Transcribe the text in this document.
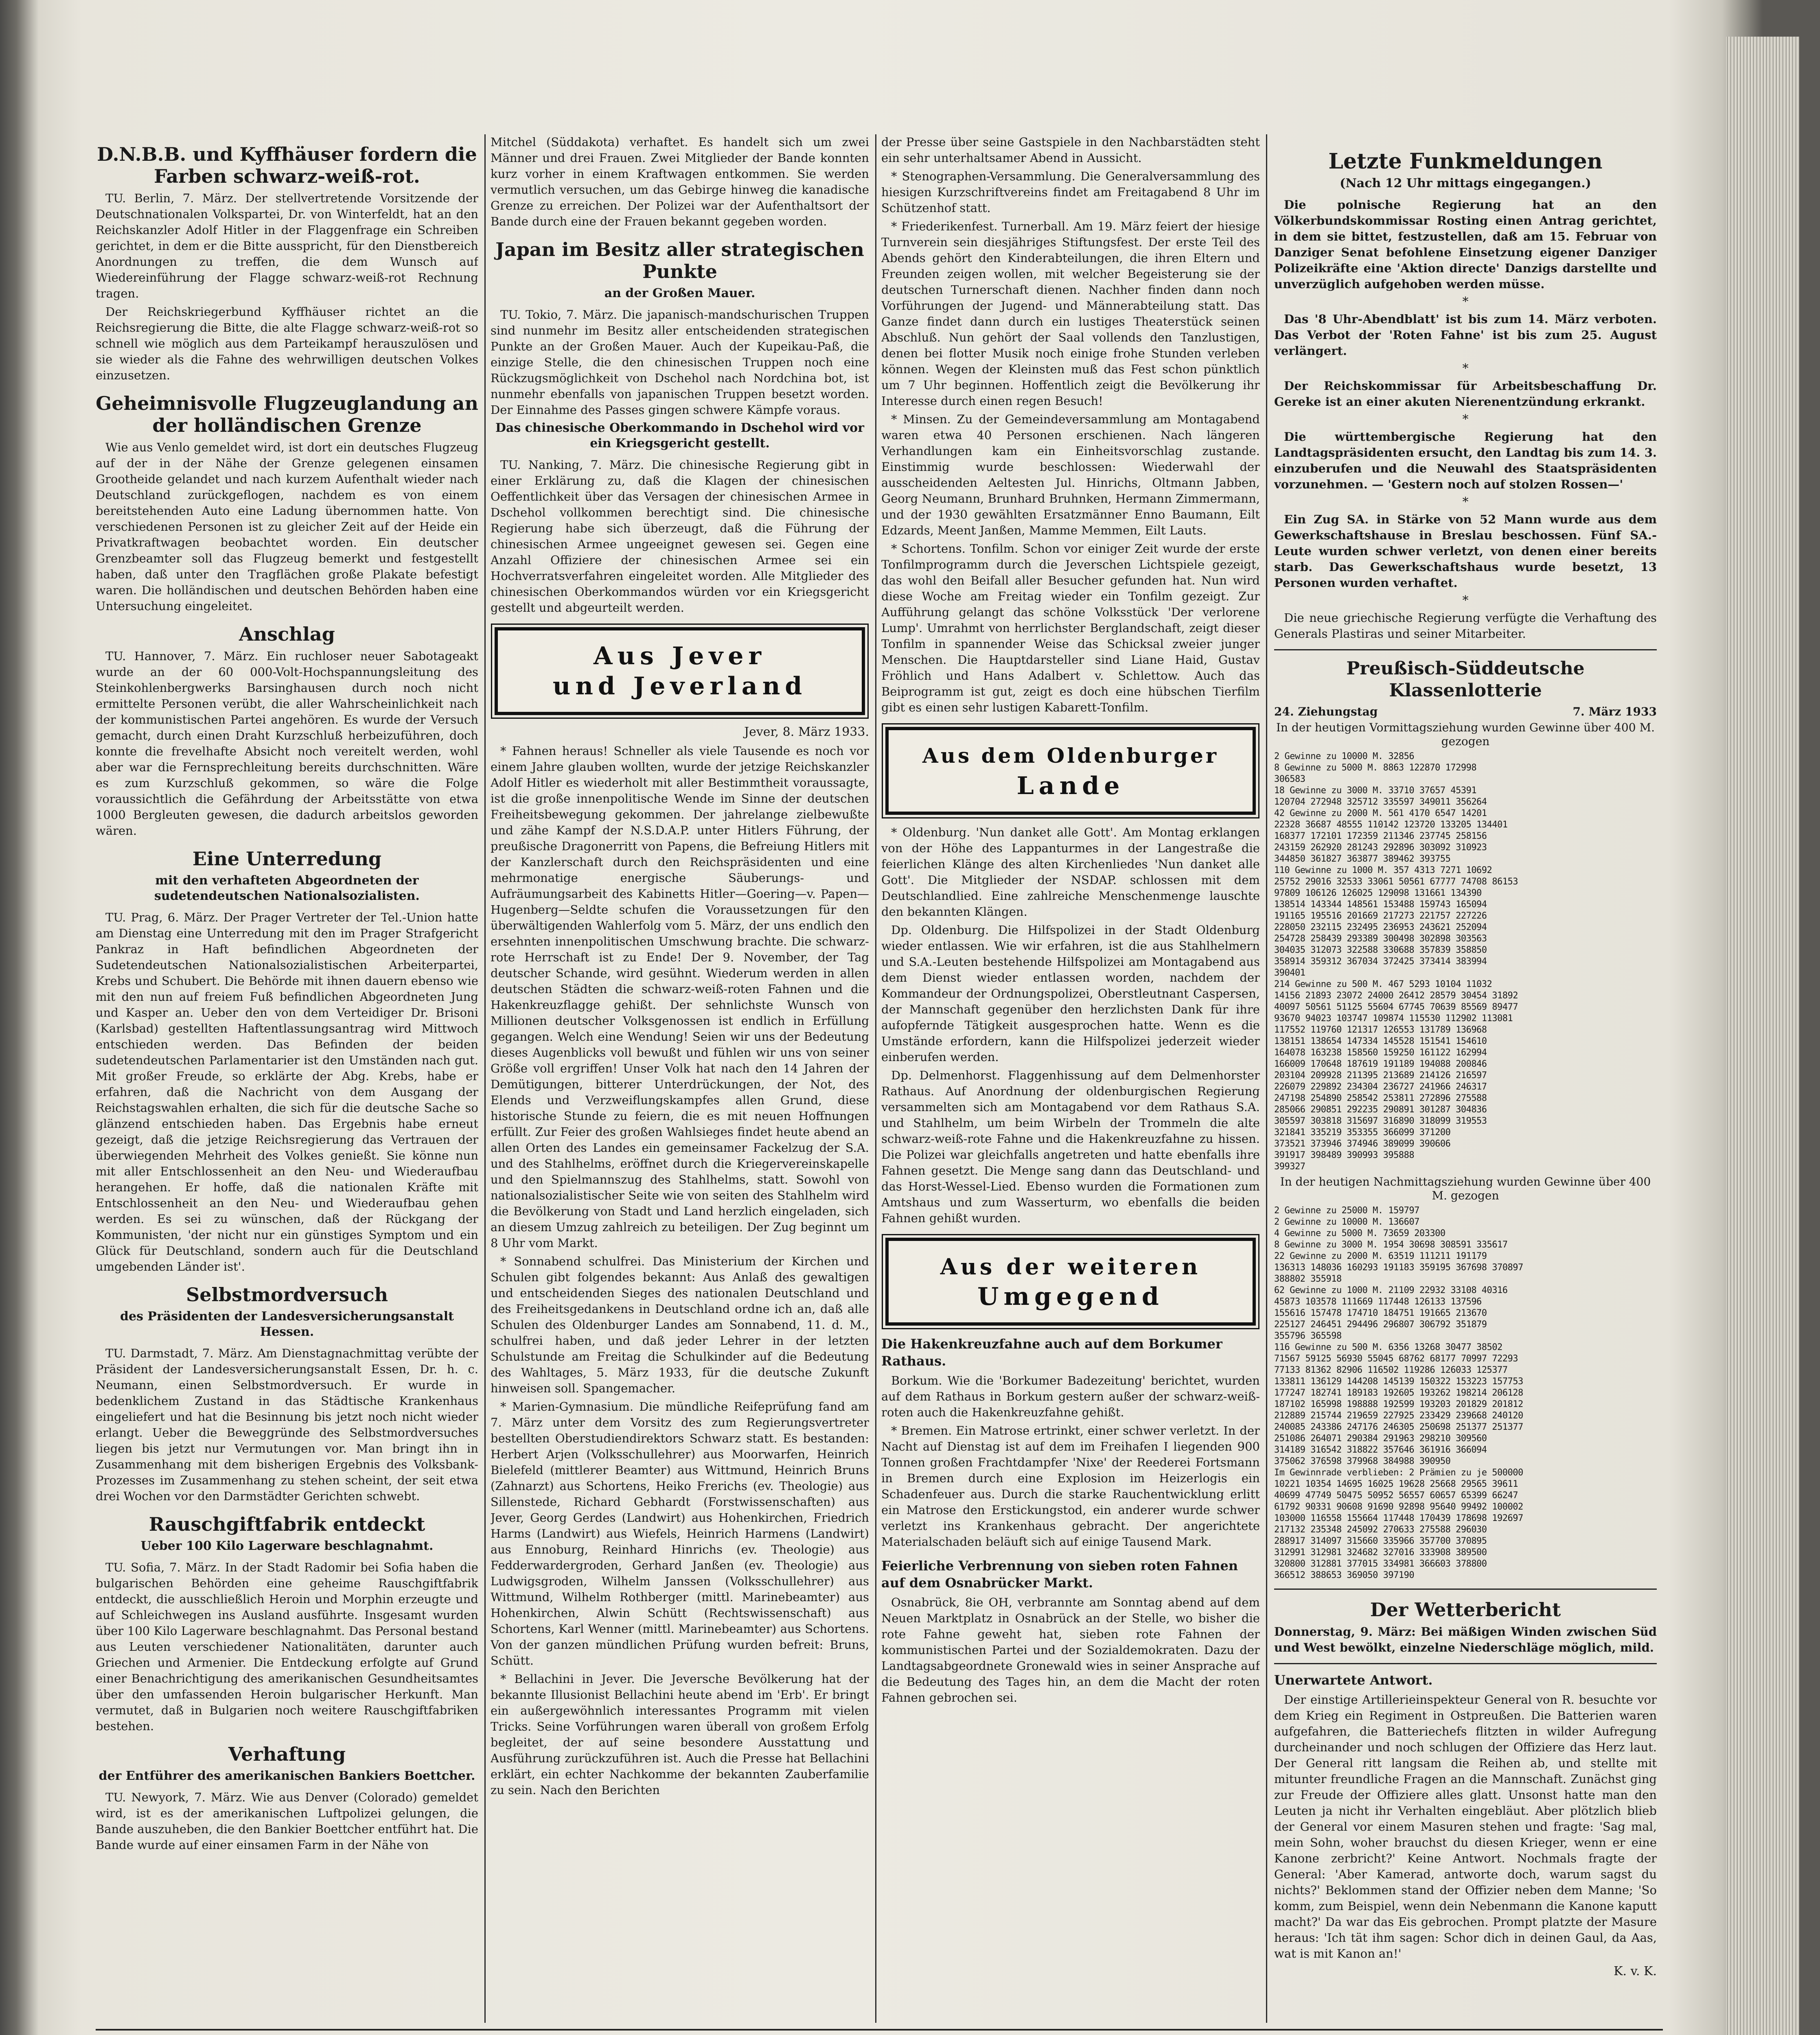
D.N.B.B. und Kyffhäuser fordern die Farben schwarz-weiß-rot.

TU. Berlin, 7. März. Der stellvertretende Vorsitzende der Deutschnationalen Volkspartei, Dr. von Winterfeldt, hat an den Reichskanzler Adolf Hitler in der Flaggenfrage ein Schreiben gerichtet, in dem er die Bitte ausspricht, für den Dienstbereich Anordnungen zu treffen, die dem Wunsch auf Wiedereinführung der Flagge schwarz-weiß-rot Rechnung tragen.

Der Reichskriegerbund Kyffhäuser richtet an die Reichsregierung die Bitte, die alte Flagge schwarz-weiß-rot so schnell wie möglich aus dem Parteikampf herauszulösen und sie wieder als die Fahne des wehrwilligen deutschen Volkes einzusetzen.

Geheimnisvolle Flugzeuglandung an der holländischen Grenze

Wie aus Venlo gemeldet wird, ist dort ein deutsches Flugzeug auf der in der Nähe der Grenze gelegenen einsamen Grootheide gelandet und nach kurzem Aufenthalt wieder nach Deutschland zurückgeflogen, nachdem es von einem bereitstehenden Auto eine Ladung übernommen hatte. Von verschiedenen Personen ist zu gleicher Zeit auf der Heide ein Privatkraftwagen beobachtet worden. Ein deutscher Grenzbeamter soll das Flugzeug bemerkt und festgestellt haben, daß unter den Tragflächen große Plakate befestigt waren. Die holländischen und deutschen Behörden haben eine Untersuchung eingeleitet.

Anschlag

TU. Hannover, 7. März. Ein ruchloser neuer Sabotageakt wurde an der 60 000-Volt-Hochspannungsleitung des Steinkohlenbergwerks Barsinghausen durch noch nicht ermittelte Personen verübt, die aller Wahrscheinlichkeit nach der kommunistischen Partei angehören. Es wurde der Versuch gemacht, durch einen Draht Kurzschluß herbeizuführen, doch konnte die frevelhafte Absicht noch vereitelt werden, wohl aber war die Fernsprechleitung bereits durchschnitten. Wäre es zum Kurzschluß gekommen, so wäre die Folge voraussichtlich die Gefährdung der Arbeitsstätte von etwa 1000 Bergleuten gewesen, die dadurch arbeitslos geworden wären.

Eine Unterredung
mit den verhafteten Abgeordneten der sudetendeutschen Nationalsozialisten.

TU. Prag, 6. März. Der Prager Vertreter der Tel.-Union hatte am Dienstag eine Unterredung mit den im Prager Strafgericht Pankraz in Haft befindlichen Abgeordneten der Sudetendeutschen Nationalsozialistischen Arbeiterpartei, Krebs und Schubert. Die Behörde mit ihnen dauern ebenso wie mit den nun auf freiem Fuß befindlichen Abgeordneten Jung und Kasper an. Ueber den von dem Verteidiger Dr. Brisoni (Karlsbad) gestellten Haftentlassungsantrag wird Mittwoch entschieden werden. Das Befinden der beiden sudetendeutschen Parlamentarier ist den Umständen nach gut. Mit großer Freude, so erklärte der Abg. Krebs, habe er erfahren, daß die Nachricht von dem Ausgang der Reichstagswahlen erhalten, die sich für die deutsche Sache so glänzend entschieden haben. Das Ergebnis habe erneut gezeigt, daß die jetzige Reichsregierung das Vertrauen der überwiegenden Mehrheit des Volkes genießt. Sie könne nun mit aller Entschlossenheit an den Neu- und Wiederaufbau herangehen. Er hoffe, daß die nationalen Kräfte mit Entschlossenheit an den Neu- und Wiederaufbau gehen werden. Es sei zu wünschen, daß der Rückgang der Kommunisten, 'der nicht nur ein günstiges Symptom und ein Glück für Deutschland, sondern auch für die Deutschland umgebenden Länder ist'.

Selbstmordversuch
des Präsidenten der Landesversicherungsanstalt Hessen.

TU. Darmstadt, 7. März. Am Dienstagnachmittag verübte der Präsident der Landesversicherungsanstalt Essen, Dr. h. c. Neumann, einen Selbstmordversuch. Er wurde in bedenklichem Zustand in das Städtische Krankenhaus eingeliefert und hat die Besinnung bis jetzt noch nicht wieder erlangt. Ueber die Beweggründe des Selbstmordversuches liegen bis jetzt nur Vermutungen vor. Man bringt ihn in Zusammenhang mit dem bisherigen Ergebnis des Volksbank-Prozesses im Zusammenhang zu stehen scheint, der seit etwa drei Wochen vor den Darmstädter Gerichten schwebt.

Rauschgiftfabrik entdeckt
Ueber 100 Kilo Lagerware beschlagnahmt.

TU. Sofia, 7. März. In der Stadt Radomir bei Sofia haben die bulgarischen Behörden eine geheime Rauschgiftfabrik entdeckt, die ausschließlich Heroin und Morphin erzeugte und auf Schleichwegen ins Ausland ausführte. Insgesamt wurden über 100 Kilo Lagerware beschlagnahmt. Das Personal bestand aus Leuten verschiedener Nationalitäten, darunter auch Griechen und Armenier. Die Entdeckung erfolgte auf Grund einer Benachrichtigung des amerikanischen Gesundheitsamtes über den umfassenden Heroin bulgarischer Herkunft. Man vermutet, daß in Bulgarien noch weitere Rauschgiftfabriken bestehen.

Verhaftung
der Entführer des amerikanischen Bankiers Boettcher.

TU. Newyork, 7. März. Wie aus Denver (Colorado) gemeldet wird, ist es der amerikanischen Luftpolizei gelungen, die Bande auszuheben, die den Bankier Boettcher entführt hat. Die Bande wurde auf einer einsamen Farm in der Nähe von

Mitchel (Süddakota) verhaftet. Es handelt sich um zwei Männer und drei Frauen. Zwei Mitglieder der Bande konnten kurz vorher in einem Kraftwagen entkommen. Sie werden vermutlich versuchen, um das Gebirge hinweg die kanadische Grenze zu erreichen. Der Polizei war der Aufenthaltsort der Bande durch eine der Frauen bekannt gegeben worden.

Japan im Besitz aller strategischen Punkte
an der Großen Mauer.

TU. Tokio, 7. März. Die japanisch-mandschurischen Truppen sind nunmehr im Besitz aller entscheidenden strategischen Punkte an der Großen Mauer. Auch der Kupeikau-Paß, die einzige Stelle, die den chinesischen Truppen noch eine Rückzugsmöglichkeit von Dschehol nach Nordchina bot, ist nunmehr ebenfalls von japanischen Truppen besetzt worden. Der Einnahme des Passes gingen schwere Kämpfe voraus.

Das chinesische Oberkommando in Dschehol wird vor ein Kriegsgericht gestellt.

TU. Nanking, 7. März. Die chinesische Regierung gibt in einer Erklärung zu, daß die Klagen der chinesischen Oeffentlichkeit über das Versagen der chinesischen Armee in Dschehol vollkommen berechtigt sind. Die chinesische Regierung habe sich überzeugt, daß die Führung der chinesischen Armee ungeeignet gewesen sei. Gegen eine Anzahl Offiziere der chinesischen Armee sei ein Hochverratsverfahren eingeleitet worden. Alle Mitglieder des chinesischen Oberkommandos würden vor ein Kriegsgericht gestellt und abgeurteilt werden.

Aus Jever
und Jeverland
Jever, 8. März 1933.

* Fahnen heraus! Schneller als viele Tausende es noch vor einem Jahre glauben wollten, wurde der jetzige Reichskanzler Adolf Hitler es wiederholt mit aller Bestimmtheit voraussagte, ist die große innenpolitische Wende im Sinne der deutschen Freiheitsbewegung gekommen. Der jahrelange zielbewußte und zähe Kampf der N.S.D.A.P. unter Hitlers Führung, der preußische Dragonerritt von Papens, die Befreiung Hitlers mit der Kanzlerschaft durch den Reichspräsidenten und eine mehrmonatige energische Säuberungs- und Aufräumungsarbeit des Kabinetts Hitler—Goering—v. Papen—Hugenberg—Seldte schufen die Voraussetzungen für den überwältigenden Wahlerfolg vom 5. März, der uns endlich den ersehnten innenpolitischen Umschwung brachte. Die schwarz-rote Herrschaft ist zu Ende! Der 9. November, der Tag deutscher Schande, wird gesühnt. Wiederum werden in allen deutschen Städten die schwarz-weiß-roten Fahnen und die Hakenkreuzflagge gehißt. Der sehnlichste Wunsch von Millionen deutscher Volksgenossen ist endlich in Erfüllung gegangen. Welch eine Wendung! Seien wir uns der Bedeutung dieses Augenblicks voll bewußt und fühlen wir uns von seiner Größe voll ergriffen! Unser Volk hat nach den 14 Jahren der Demütigungen, bitterer Unterdrückungen, der Not, des Elends und Verzweiflungskampfes allen Grund, diese historische Stunde zu feiern, die es mit neuen Hoffnungen erfüllt. Zur Feier des großen Wahlsieges findet heute abend an allen Orten des Landes ein gemeinsamer Fackelzug der S.A. und des Stahlhelms, eröffnet durch die Kriegervereinskapelle und den Spielmannszug des Stahlhelms, statt. Sowohl von nationalsozialistischer Seite wie von seiten des Stahlhelm wird die Bevölkerung von Stadt und Land herzlich eingeladen, sich an diesem Umzug zahlreich zu beteiligen. Der Zug beginnt um 8 Uhr vom Markt.

* Sonnabend schulfrei. Das Ministerium der Kirchen und Schulen gibt folgendes bekannt: Aus Anlaß des gewaltigen und entscheidenden Sieges des nationalen Deutschland und des Freiheitsgedankens in Deutschland ordne ich an, daß alle Schulen des Oldenburger Landes am Sonnabend, 11. d. M., schulfrei haben, und daß jeder Lehrer in der letzten Schulstunde am Freitag die Schulkinder auf die Bedeutung des Wahltages, 5. März 1933, für die deutsche Zukunft hinweisen soll. Spangemacher.

* Marien-Gymnasium. Die mündliche Reifeprüfung fand am 7. März unter dem Vorsitz des zum Regierungsvertreter bestellten Oberstudiendirektors Schwarz statt. Es bestanden: Herbert Arjen (Volksschullehrer) aus Moorwarfen, Heinrich Bielefeld (mittlerer Beamter) aus Wittmund, Heinrich Bruns (Zahnarzt) aus Schortens, Heiko Frerichs (ev. Theologie) aus Sillenstede, Richard Gebhardt (Forstwissenschaften) aus Jever, Georg Gerdes (Landwirt) aus Hohenkirchen, Friedrich Harms (Landwirt) aus Wiefels, Heinrich Harmens (Landwirt) aus Ennoburg, Reinhard Hinrichs (ev. Theologie) aus Fedderwardergroden, Gerhard Janßen (ev. Theologie) aus Ludwigsgroden, Wilhelm Janssen (Volksschullehrer) aus Wittmund, Wilhelm Rothberger (mittl. Marinebeamter) aus Hohenkirchen, Alwin Schütt (Rechtswissenschaft) aus Schortens, Karl Wenner (mittl. Marinebeamter) aus Schortens. Von der ganzen mündlichen Prüfung wurden befreit: Bruns, Schütt.

* Bellachini in Jever. Die Jeversche Bevölkerung hat der bekannte Illusionist Bellachini heute abend im 'Erb'. Er bringt ein außergewöhnlich interessantes Programm mit vielen Tricks. Seine Vorführungen waren überall von großem Erfolg begleitet, der auf seine besondere Ausstattung und Ausführung zurückzuführen ist. Auch die Presse hat Bellachini erklärt, ein echter Nachkomme der bekannten Zauberfamilie zu sein. Nach den Berichten

der Presse über seine Gastspiele in den Nachbarstädten steht ein sehr unterhaltsamer Abend in Aussicht.

* Stenographen-Versammlung. Die Generalversammlung des hiesigen Kurzschriftvereins findet am Freitagabend 8 Uhr im Schützenhof statt.

* Friederikenfest. Turnerball. Am 19. März feiert der hiesige Turnverein sein diesjähriges Stiftungsfest. Der erste Teil des Abends gehört den Kinderabteilungen, die ihren Eltern und Freunden zeigen wollen, mit welcher Begeisterung sie der deutschen Turnerschaft dienen. Nachher finden dann noch Vorführungen der Jugend- und Männerabteilung statt. Das Ganze findet dann durch ein lustiges Theaterstück seinen Abschluß. Nun gehört der Saal vollends den Tanzlustigen, denen bei flotter Musik noch einige frohe Stunden verleben können. Wegen der Kleinsten muß das Fest schon pünktlich um 7 Uhr beginnen. Hoffentlich zeigt die Bevölkerung ihr Interesse durch einen regen Besuch!

* Minsen. Zu der Gemeindeversammlung am Montagabend waren etwa 40 Personen erschienen. Nach längeren Verhandlungen kam ein Einheitsvorschlag zustande. Einstimmig wurde beschlossen: Wiederwahl der ausscheidenden Aeltesten Jul. Hinrichs, Oltmann Jabben, Georg Neumann, Brunhard Bruhnken, Hermann Zimmermann, und der 1930 gewählten Ersatzmänner Enno Baumann, Eilt Edzards, Meent Janßen, Mamme Memmen, Eilt Lauts.

* Schortens. Tonfilm. Schon vor einiger Zeit wurde der erste Tonfilmprogramm durch die Jeverschen Lichtspiele gezeigt, das wohl den Beifall aller Besucher gefunden hat. Nun wird diese Woche am Freitag wieder ein Tonfilm gezeigt. Zur Aufführung gelangt das schöne Volksstück 'Der verlorene Lump'. Umrahmt von herrlichster Berglandschaft, zeigt dieser Tonfilm in spannender Weise das Schicksal zweier junger Menschen. Die Hauptdarsteller sind Liane Haid, Gustav Fröhlich und Hans Adalbert v. Schlettow. Auch das Beiprogramm ist gut, zeigt es doch eine hübschen Tierfilm gibt es einen sehr lustigen Kabarett-Tonfilm.

Aus dem Oldenburger
Lande

* Oldenburg. 'Nun danket alle Gott'. Am Montag erklangen von der Höhe des Lappanturmes in der Langestraße die feierlichen Klänge des alten Kirchenliedes 'Nun danket alle Gott'. Die Mitglieder der NSDAP. schlossen mit dem Deutschlandlied. Eine zahlreiche Menschenmenge lauschte den bekannten Klängen.

Dp. Oldenburg. Die Hilfspolizei in der Stadt Oldenburg wieder entlassen. Wie wir erfahren, ist die aus Stahlhelmern und S.A.-Leuten bestehende Hilfspolizei am Montagabend aus dem Dienst wieder entlassen worden, nachdem der Kommandeur der Ordnungspolizei, Oberstleutnant Caspersen, der Mannschaft gegenüber den herzlichsten Dank für ihre aufopfernde Tätigkeit ausgesprochen hatte. Wenn es die Umstände erfordern, kann die Hilfspolizei jederzeit wieder einberufen werden.

Dp. Delmenhorst. Flaggenhissung auf dem Delmenhorster Rathaus. Auf Anordnung der oldenburgischen Regierung versammelten sich am Montagabend vor dem Rathaus S.A. und Stahlhelm, um beim Wirbeln der Trommeln die alte schwarz-weiß-rote Fahne und die Hakenkreuzfahne zu hissen. Die Polizei war gleichfalls angetreten und hatte ebenfalls ihre Fahnen gesetzt. Die Menge sang dann das Deutschland- und das Horst-Wessel-Lied. Ebenso wurden die Formationen zum Amtshaus und zum Wasserturm, wo ebenfalls die beiden Fahnen gehißt wurden.

Aus der weiteren
Umgegend
Die Hakenkreuzfahne auch auf dem Borkumer Rathaus.

Borkum. Wie die 'Borkumer Badezeitung' berichtet, wurden auf dem Rathaus in Borkum gestern außer der schwarz-weiß-roten auch die Hakenkreuzfahne gehißt.

* Bremen. Ein Matrose ertrinkt, einer schwer verletzt. In der Nacht auf Dienstag ist auf dem im Freihafen I liegenden 900 Tonnen großen Frachtdampfer 'Nixe' der Reederei Fortsmann in Bremen durch eine Explosion im Heizerlogis ein Schadenfeuer aus. Durch die starke Rauchentwicklung erlitt ein Matrose den Erstickungstod, ein anderer wurde schwer verletzt ins Krankenhaus gebracht. Der angerichtete Materialschaden beläuft sich auf einige Tausend Mark.

Feierliche Verbrennung von sieben roten Fahnen auf dem Osnabrücker Markt.

Osnabrück, 8ie OH, verbrannte am Sonntag abend auf dem Neuen Marktplatz in Osnabrück an der Stelle, wo bisher die rote Fahne geweht hat, sieben rote Fahnen der kommunistischen Partei und der Sozialdemokraten. Dazu der Landtagsabgeordnete Gronewald wies in seiner Ansprache auf die Bedeutung des Tages hin, an dem die Macht der roten Fahnen gebrochen sei.

Letzte Funkmeldungen
(Nach 12 Uhr mittags eingegangen.)

Die polnische Regierung hat an den Völkerbundskommissar Rosting einen Antrag gerichtet, in dem sie bittet, festzustellen, daß am 15. Februar von Danziger Senat befohlene Einsetzung eigener Danziger Polizeikräfte eine 'Aktion directe' Danzigs darstellte und unverzüglich aufgehoben werden müsse.

*

Das '8 Uhr-Abendblatt' ist bis zum 14. März verboten. Das Verbot der 'Roten Fahne' ist bis zum 25. August verlängert.

*

Der Reichskommissar für Arbeitsbeschaffung Dr. Gereke ist an einer akuten Nierenentzündung erkrankt.

*

Die württembergische Regierung hat den Landtagspräsidenten ersucht, den Landtag bis zum 14. 3. einzuberufen und die Neuwahl des Staatspräsidenten vorzunehmen. — 'Gestern noch auf stolzen Rossen—'

*

Ein Zug SA. in Stärke von 52 Mann wurde aus dem Gewerkschaftshause in Breslau beschossen. Fünf SA.-Leute wurden schwer verletzt, von denen einer bereits starb. Das Gewerkschaftshaus wurde besetzt, 13 Personen wurden verhaftet.

*

Die neue griechische Regierung verfügte die Verhaftung des Generals Plastiras und seiner Mitarbeiter.

Preußisch-Süddeutsche Klassenlotterie
24. Ziehungstag	7. März 1933
In der heutigen Vormittagsziehung wurden Gewinne über 400 M. gezogen
2 Gewinne zu 10000 M. 32856
8 Gewinne zu 5000 M. 8863 122870 172998
306583
18 Gewinne zu 3000 M. 33710 37657 45391
120704 272948 325712 335597 349011 356264
42 Gewinne zu 2000 M. 561 4170 6547 14201
22328 36687 48555 110142 123720 133205 134401
168377 172101 172359 211346 237745 258156
243159 262920 281243 292896 303092 310923
344850 361827 363877 389462 393755
110 Gewinne zu 1000 M. 357 4313 7271 10692
25752 29016 32533 33061 50561 67777 74708 86153
97809 106126 126025 129098 131661 134390
138514 143344 148561 153488 159743 165094
191165 195516 201669 217273 221757 227226
228050 232115 232495 236953 243621 252094
254728 258439 293389 300498 302898 303563
304035 312073 322588 330688 357839 358850
358914 359312 367034 372425 373414 383994
390401
214 Gewinne zu 500 M. 467 5293 10104 11032
14156 21893 23072 24000 26412 28579 30454 31892
40097 50561 51125 55604 67745 70639 85569 89477
93670 94023 103747 109874 115530 112902 113081
117552 119760 121317 126553 131789 136968
138151 138654 147334 145528 151541 154610
164078 163238 158560 159250 161122 162994
166009 170648 187619 191189 194088 200846
203104 209928 211395 213689 214126 216597
226079 229892 234304 236727 241966 246317
247198 254890 258542 253811 272896 275588
285066 290851 292235 290891 301287 304836
305597 303818 315697 316890 318099 319553
321841 335219 353355 366099 371200
373521 373946 374946 389099 390606
391917 398489 390993 395888
399327
In der heutigen Nachmittagsziehung wurden Gewinne über 400 M. gezogen
2 Gewinne zu 25000 M. 159797
2 Gewinne zu 10000 M. 136607
4 Gewinne zu 5000 M. 73659 203300
8 Gewinne zu 3000 M. 1954 30698 308591 335617
22 Gewinne zu 2000 M. 63519 111211 191179
136313 148036 160293 191183 359195 367698 370897
388802 355918
62 Gewinne zu 1000 M. 21109 22932 33108 40316
45873 103578 111669 117448 126133 137596
155616 157478 174710 184751 191665 213670
225127 246451 294496 296807 306792 351879
355796 365598
116 Gewinne zu 500 M. 6356 13268 30477 38502
71567 59125 56930 55045 68762 68177 70997 72293
77133 81362 82906 116502 119286 126033 125377
133811 136129 144208 145139 150322 153223 157753
177247 182741 189183 192605 193262 198214 206128
187102 165998 198888 192599 193203 201829 201812
212889 215744 219659 227925 233429 239668 240120
240085 243386 247176 246305 250698 251377 251377
251086 264071 290384 291963 298210 309560
314189 316542 318822 357646 361916 366094
375062 376598 379968 384988 390950
Im Gewinnrade verblieben: 2 Prämien zu je 500000
10221 10354 14695 16025 19628 25668 29565 39611
40699 47749 50475 50952 56557 60657 65399 66247
61792 90331 90608 91690 92898 95640 99492 100002
103000 116558 155664 117448 170439 178698 192697
217132 235348 245092 270633 275588 296030
288917 314097 315660 335966 357700 370895
312991 312981 324682 327016 333908 389500
320800 312881 377015 334981 366603 378800
366512 388653 369050 397190
Der Wetterbericht

Donnerstag, 9. März: Bei mäßigen Winden zwischen Süd und West bewölkt, einzelne Niederschläge möglich, mild.

Unerwartete Antwort.

Der einstige Artillerieinspekteur General von R. besuchte vor dem Krieg ein Regiment in Ostpreußen. Die Batterien waren aufgefahren, die Batteriechefs flitzten in wilder Aufregung durcheinander und noch schlugen der Offiziere das Herz laut. Der General ritt langsam die Reihen ab, und stellte mit mitunter freundliche Fragen an die Mannschaft. Zunächst ging zur Freude der Offiziere alles glatt. Unsonst hatte man den Leuten ja nicht ihr Verhalten eingebläut. Aber plötzlich blieb der General vor einem Masuren stehen und fragte: 'Sag mal, mein Sohn, woher brauchst du diesen Krieger, wenn er eine Kanone zerbricht?' Keine Antwort. Nochmals fragte der General: 'Aber Kamerad, antworte doch, warum sagst du nichts?' Beklommen stand der Offizier neben dem Manne; 'So komm, zum Beispiel, wenn dein Nebenmann die Kanone kaputt macht?' Da war das Eis gebrochen. Prompt platzte der Masure heraus: 'Ich tät ihm sagen: Schor dich in deinen Gaul, da Aas, wat is mit Kanon an!'

K. v. K.
